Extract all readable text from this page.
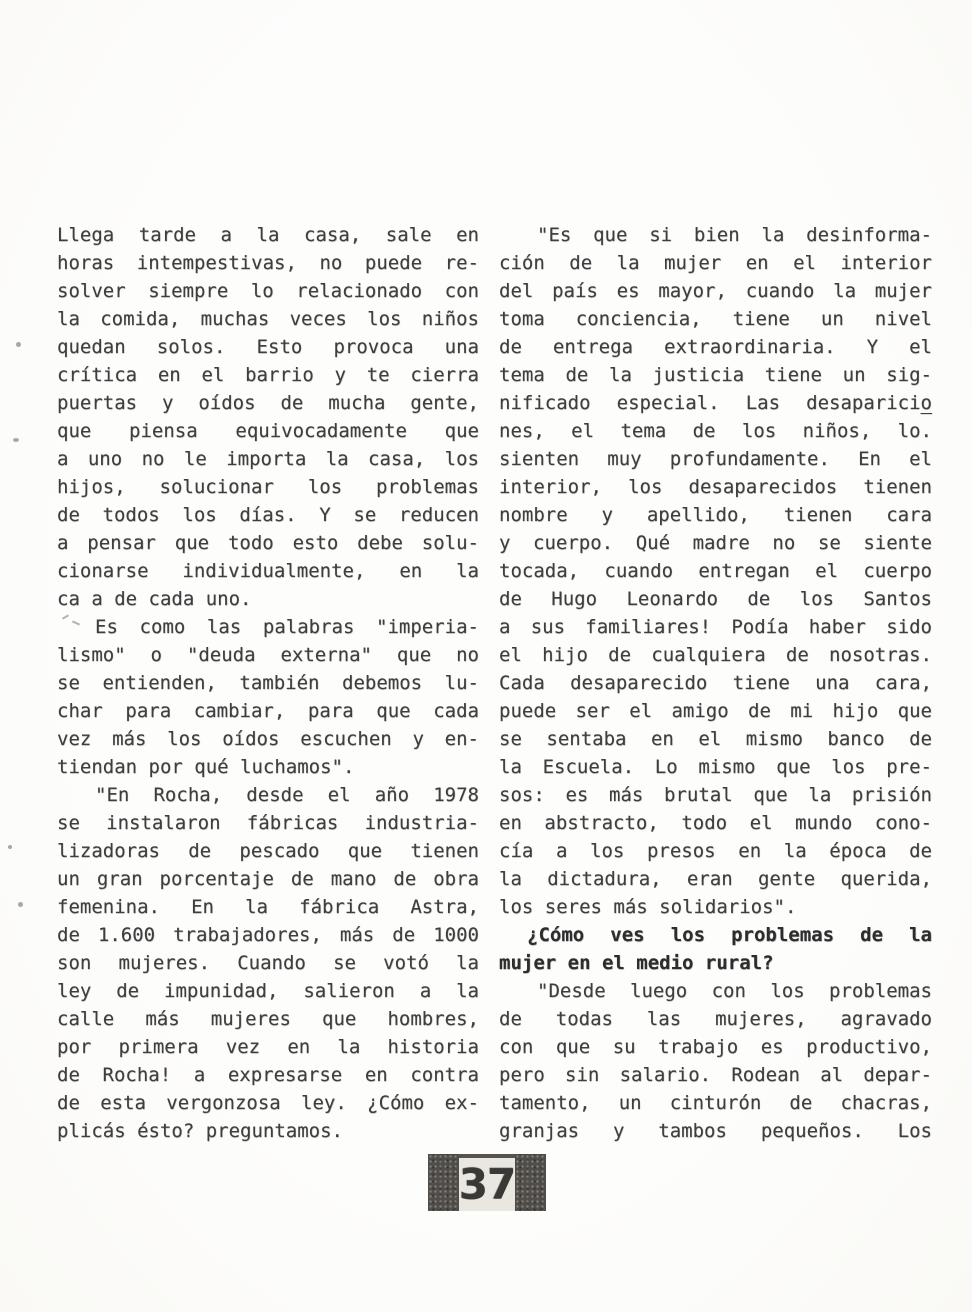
Llega tarde a la casa, sale en
horas intempestivas, no puede re-
solver siempre lo relacionado con
la comida, muchas veces los niños
quedan solos. Esto provoca una
crítica en el barrio y te cierra
puertas y oídos de mucha gente,
que piensa equivocadamente que
a uno no le importa la casa, los
hijos, solucionar los problemas
de todos los días. Y se reducen
a pensar que todo esto debe solu-
cionarse individualmente, en la
ca a de cada uno.
Es como las palabras "imperia-
lismo" o "deuda externa" que no
se entienden, también debemos lu-
char para cambiar, para que cada
vez más los oídos escuchen y en-
tiendan por qué luchamos".
"En Rocha, desde el año 1978
se instalaron fábricas industria-
lizadoras de pescado que tienen
un gran porcentaje de mano de obra
femenina. En la fábrica Astra,
de 1.600 trabajadores, más de 1000
son mujeres. Cuando se votó la
ley de impunidad, salieron a la
calle más mujeres que hombres,
por primera vez en la historia
de Rocha! a expresarse en contra
de esta vergonzosa ley. ¿Cómo ex-
plicás ésto? preguntamos.
"Es que si bien la desinforma-
ción de la mujer en el interior
del país es mayor, cuando la mujer
toma conciencia, tiene un nivel
de entrega extraordinaria. Y el
tema de la justicia tiene un sig-
nificado especial. Las desaparicio
nes, el tema de los niños, lo.
sienten muy profundamente. En el
interior, los desaparecidos tienen
nombre y apellido, tienen cara
y cuerpo. Qué madre no se siente
tocada, cuando entregan el cuerpo
de Hugo Leonardo de los Santos
a sus familiares! Podía haber sido
el hijo de cualquiera de nosotras.
Cada desaparecido tiene una cara,
puede ser el amigo de mi hijo que
se sentaba en el mismo banco de
la Escuela. Lo mismo que los pre-
sos: es más brutal que la prisión
en abstracto, todo el mundo cono-
cía a los presos en la época de
la dictadura, eran gente querida,
los seres más solidarios".
¿Cómo ves los problemas de la
mujer en el medio rural?
"Desde luego con los problemas
de todas las mujeres, agravado
con que su trabajo es productivo,
pero sin salario. Rodean al depar-
tamento, un cinturón de chacras,
granjas y tambos pequeños. Los
37
